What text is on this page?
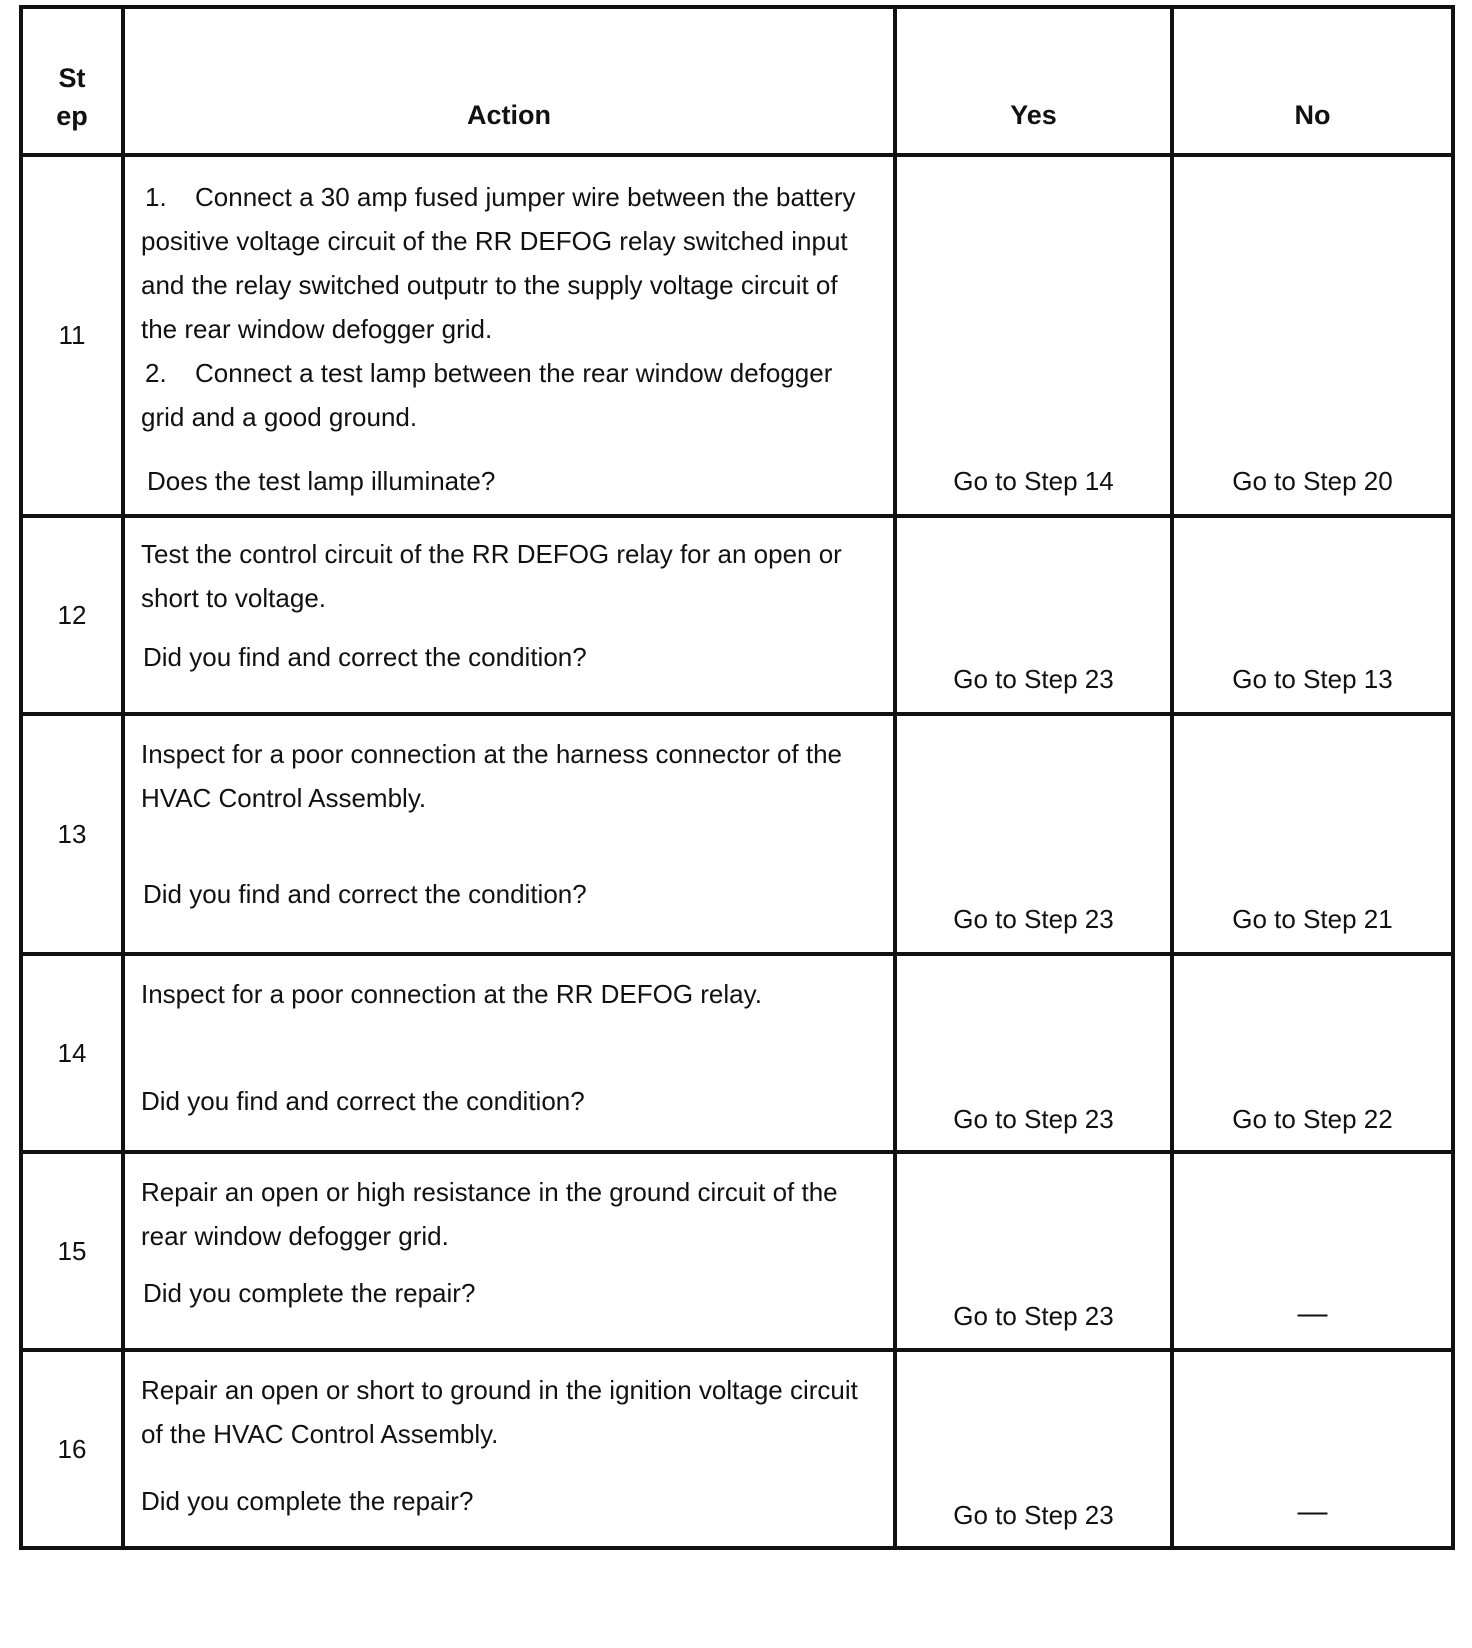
St
ep	Action	Yes	No

11	1. Connect a 30 amp fused jumper wire between the battery positive voltage circuit of the RR DEFOG relay switched input and the relay switched outputr to the supply voltage circuit of the rear window defogger grid.
2. Connect a test lamp between the rear window defogger grid and a good ground.
Does the test lamp illuminate?	Go to Step 14	Go to Step 20

12	Test the control circuit of the RR DEFOG relay for an open or short to voltage.

Did you find and correct the condition?	Go to Step 23	Go to Step 13

13	Inspect for a poor connection at the harness connector of the HVAC Control Assembly.

Did you find and correct the condition?	Go to Step 23	Go to Step 21

14	Inspect for a poor connection at the RR DEFOG relay.

Did you find and correct the condition?	Go to Step 23	Go to Step 22

15	Repair an open or high resistance in the ground circuit of the rear window defogger grid.

Did you complete the repair?	Go to Step 23	—

16	Repair an open or short to ground in the ignition voltage circuit of the HVAC Control Assembly.

Did you complete the repair?	Go to Step 23	—
